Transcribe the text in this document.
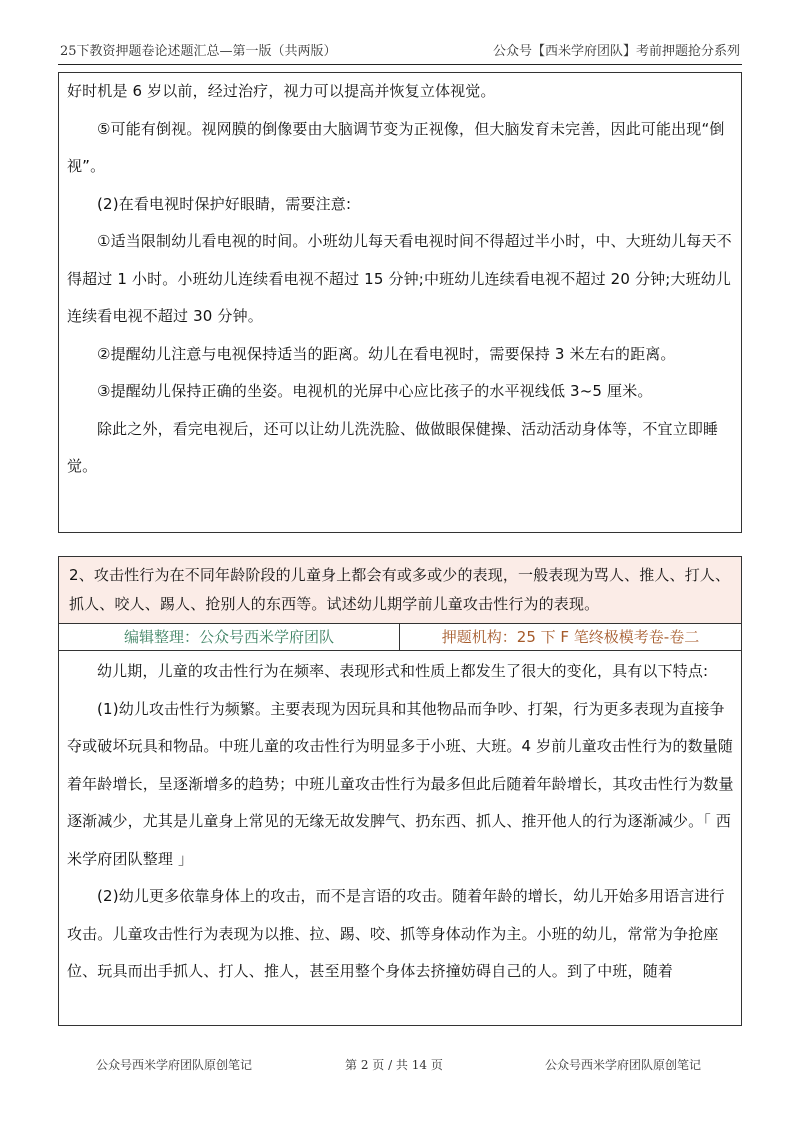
25下教资押题卷论述题汇总—第一版（共两版）	公众号【西米学府团队】考前押题抢分系列

好时机是 6 岁以前，经过治疗，视力可以提高并恢复立体视觉。

⑤可能有倒视。视网膜的倒像要由大脑调节变为正视像，但大脑发育未完善，因此可能出现“倒视”。

(2)在看电视时保护好眼睛，需要注意:

①适当限制幼儿看电视的时间。小班幼儿每天看电视时间不得超过半小时，中、大班幼儿每天不得超过 1 小时。小班幼儿连续看电视不超过 15 分钟;中班幼儿连续看电视不超过 20 分钟;大班幼儿连续看电视不超过 30 分钟。

②提醒幼儿注意与电视保持适当的距离。幼儿在看电视时，需要保持 3 米左右的距离。

③提醒幼儿保持正确的坐姿。电视机的光屏中心应比孩子的水平视线低 3~5 厘米。

除此之外，看完电视后，还可以让幼儿洗洗脸、做做眼保健操、活动活动身体等，不宜立即睡觉。

2、攻击性行为在不同年龄阶段的儿童身上都会有或多或少的表现，一般表现为骂人、推人、打人、抓人、咬人、踢人、抢别人的东西等。试述幼儿期学前儿童攻击性行为的表现。

编辑整理：公众号西米学府团队	押题机构：25 下 F 笔终极模考卷-卷二

幼儿期，儿童的攻击性行为在频率、表现形式和性质上都发生了很大的变化，具有以下特点:

(1)幼儿攻击性行为频繁。主要表现为因玩具和其他物品而争吵、打架，行为更多表现为直接争夺或破坏玩具和物品。中班儿童的攻击性行为明显多于小班、大班。4 岁前儿童攻击性行为的数量随着年龄增长，呈逐渐增多的趋势；中班儿童攻击性行为最多但此后随着年龄增长，其攻击性行为数量逐渐减少，尤其是儿童身上常见的无缘无故发脾气、扔东西、抓人、推开他人的行为逐渐减少。「 西米学府团队整理 」

(2)幼儿更多依靠身体上的攻击，而不是言语的攻击。随着年龄的增长，幼儿开始多用语言进行攻击。儿童攻击性行为表现为以推、拉、踢、咬、抓等身体动作为主。小班的幼儿，常常为争抢座位、玩具而出手抓人、打人、推人，甚至用整个身体去挤撞妨碍自己的人。到了中班，随着

公众号西米学府团队原创笔记	第 2 页 / 共 14 页	公众号西米学府团队原创笔记
